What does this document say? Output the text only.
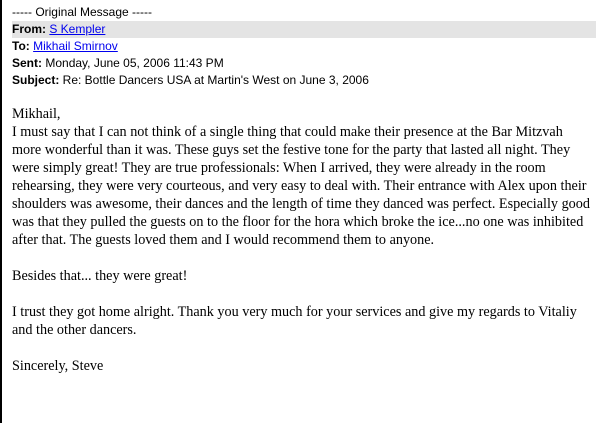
----- Original Message -----
From: S Kempler
To: Mikhail Smirnov
Sent: Monday, June 05, 2006 11:43 PM
Subject: Re: Bottle Dancers USA at Martin's West on June 3, 2006
Mikhail,

I must say that I can not think of a single thing that could make their presence at the Bar Mitzvah more wonderful than it was. These guys set the festive tone for the party that lasted all night. They were simply great! They are true professionals: When I arrived, they were already in the room rehearsing, they were very courteous, and very easy to deal with. Their entrance with Alex upon their shoulders was awesome, their dances and the length of time they danced was perfect. Especially good was that they pulled the guests on to the floor for the hora which broke the ice...no one was inhibited after that. The guests loved them and I would recommend them to anyone.

Besides that... they were great!

I trust they got home alright. Thank you very much for your services and give my regards to Vitaliy and the other dancers.

Sincerely, Steve
